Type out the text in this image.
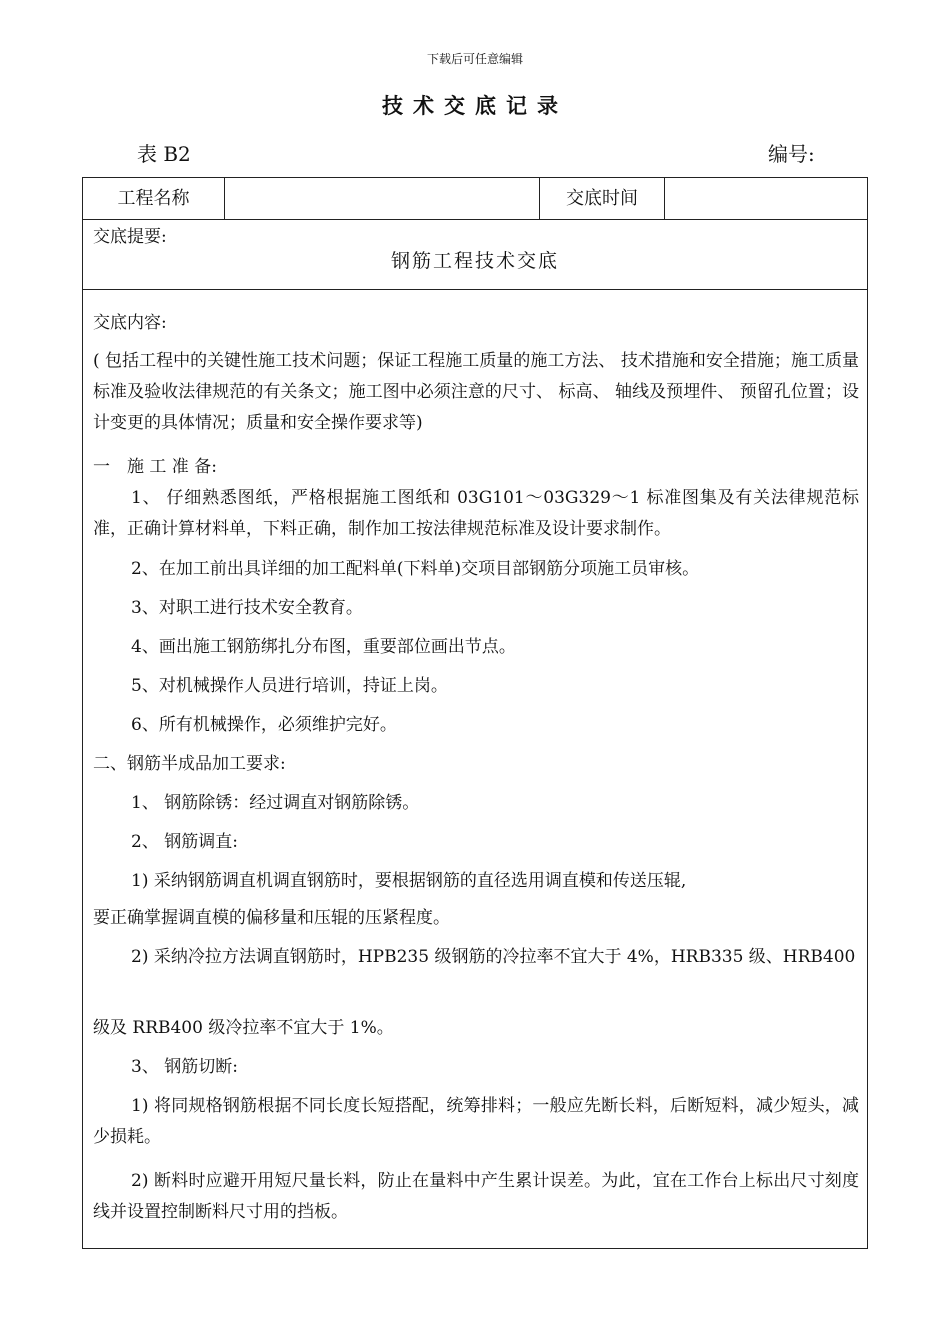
下载后可任意编辑
技术交底记录
表 B2	编号:
工程名称	交底时间
交底提要:
钢筋工程技术交底
交底内容:
( 包括工程中的关键性施工技术问题；保证工程施工质量的施工方法、 技术措施和安全措施；施工质量标准及验收法律规范的有关条文；施工图中必须注意的尺寸、 标高、 轴线及预埋件、 预留孔位置；设计变更的具体情况；质量和安全操作要求等)
一　施 工 准 备:
1、 仔细熟悉图纸，严格根据施工图纸和 03G101～03G329～1 标准图集及有关法律规范标准，正确计算材料单，下料正确，制作加工按法律规范标准及设计要求制作。
2、在加工前出具详细的加工配料单(下料单)交项目部钢筋分项施工员审核。
3、对职工进行技术安全教育。
4、画出施工钢筋绑扎分布图，重要部位画出节点。
5、对机械操作人员进行培训，持证上岗。
6、所有机械操作，必须维护完好。
二、钢筋半成品加工要求:
1、 钢筋除锈：经过调直对钢筋除锈。
2、 钢筋调直:
1) 采纳钢筋调直机调直钢筋时，要根据钢筋的直径选用调直模和传送压辊,
要正确掌握调直模的偏移量和压辊的压紧程度。
2) 采纳冷拉方法调直钢筋时，HPB235 级钢筋的冷拉率不宜大于 4%，HRB335 级、HRB400
级及 RRB400 级冷拉率不宜大于 1%。
3、 钢筋切断:
1) 将同规格钢筋根据不同长度长短搭配，统筹排料；一般应先断长料，后断短料，减少短头，减少损耗。
2) 断料时应避开用短尺量长料，防止在量料中产生累计误差。为此，宜在工作台上标出尺寸刻度线并设置控制断料尺寸用的挡板。
